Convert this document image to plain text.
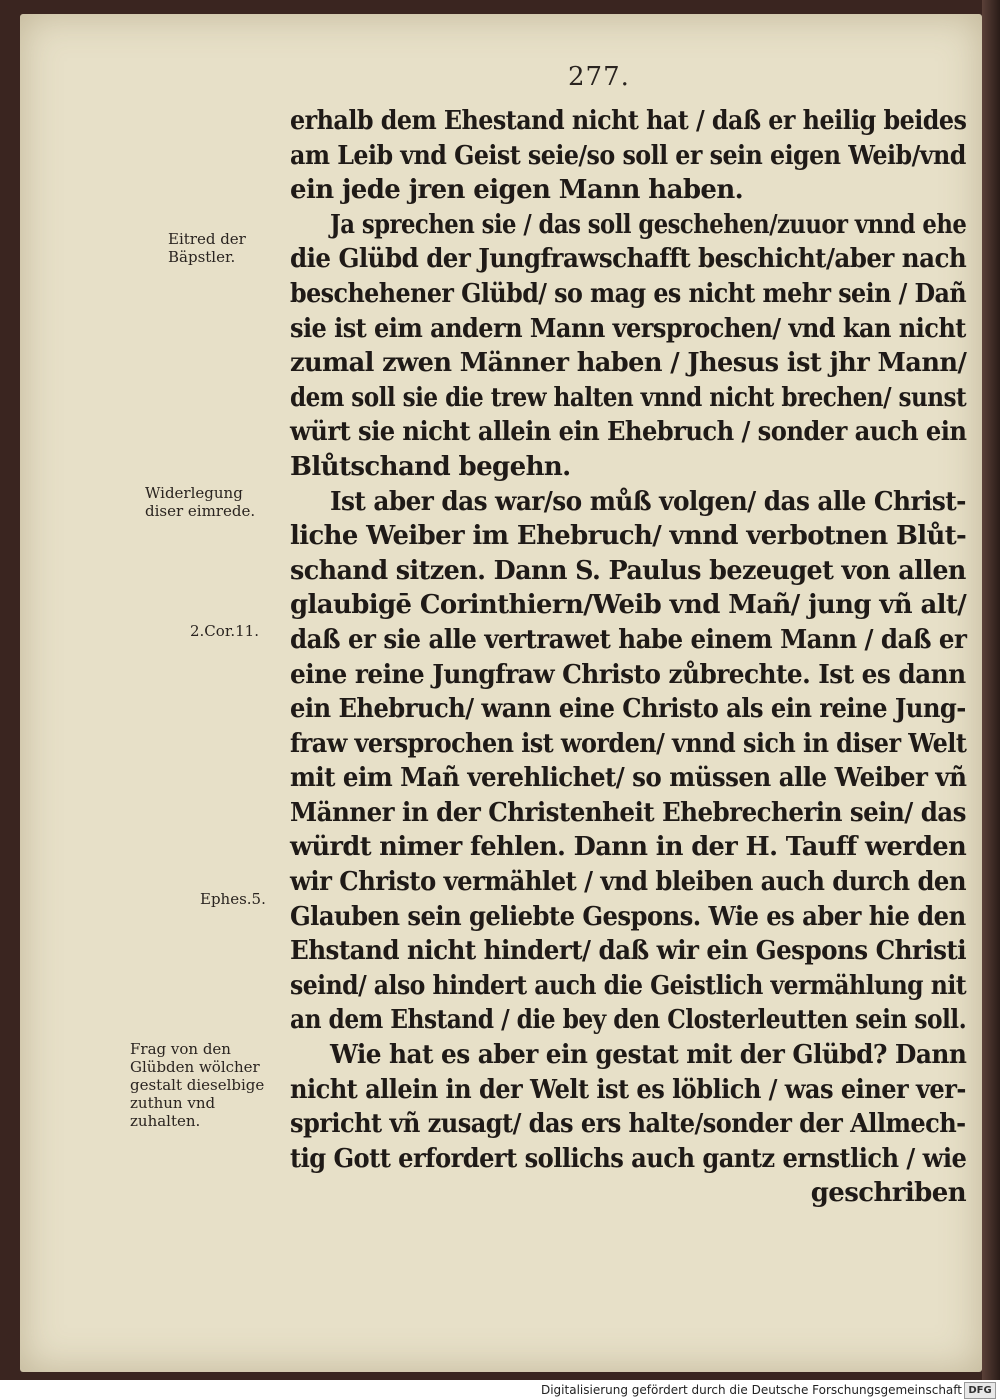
277.
Eitred der Bäpstler.
Widerlegung diser eimrede.
2.Cor.11.
Ephes.5.
Frag von den Glübden wölcher gestalt dieselbige zuthun vnd zuhalten.
erhalb dem Ehestand nicht hat / daß er heilig beides
am Leib vnd Geist seie/so soll er sein eigen Weib/vnd
ein jede jren eigen Mann haben.
Ja sprechen sie / das soll geschehen/zuuor vnnd ehe
die Glübd der Jungfrawschafft beschicht/aber nach
beschehener Glübd/ so mag es nicht mehr sein / Dañ
sie ist eim andern Mann versprochen/ vnd kan nicht
zumal zwen Männer haben / Jhesus ist jhr Mann/
dem soll sie die trew halten vnnd nicht brechen/ sunst
würt sie nicht allein ein Ehebruch / sonder auch ein
Blůtschand begehn.
Ist aber das war/so můß volgen/ das alle Christ-
liche Weiber im Ehebruch/ vnnd verbotnen Blůt-
schand sitzen. Dann S. Paulus bezeuget von allen
glaubigē Corinthiern/Weib vnd Mañ/ jung vñ alt/
daß er sie alle vertrawet habe einem Mann / daß er
eine reine Jungfraw Christo zůbrechte. Ist es dann
ein Ehebruch/ wann eine Christo als ein reine Jung-
fraw versprochen ist worden/ vnnd sich in diser Welt
mit eim Mañ verehlichet/ so müssen alle Weiber vñ
Männer in der Christenheit Ehebrecherin sein/ das
würdt nimer fehlen. Dann in der H. Tauff werden
wir Christo vermählet / vnd bleiben auch durch den
Glauben sein geliebte Gespons. Wie es aber hie den
Ehstand nicht hindert/ daß wir ein Gespons Christi
seind/ also hindert auch die Geistlich vermählung nit
an dem Ehstand / die bey den Closterleutten sein soll.
Wie hat es aber ein gestat mit der Glübd? Dann
nicht allein in der Welt ist es löblich / was einer ver-
spricht vñ zusagt/ das ers halte/sonder der Allmech-
tig Gott erfordert sollichs auch gantz ernstlich / wie
geschriben
Digitalisierung gefördert durch die Deutsche Forschungsgemeinschaft DFG
